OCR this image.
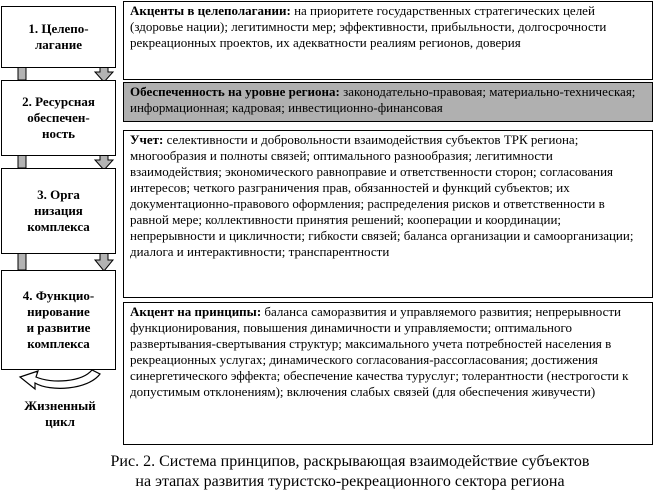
1. Целепо-
лагание
2. Ресурсная
обеспечен-
ность
3. Орга
низация
комплекса
4. Функцио-
нирование
и развитие
комплекса
Акценты в целеполагании: на приоритете государственных стратегических целей (здоровье нации); легитимности мер; эффективности, прибыльности, долгосрочности рекреационных проектов, их адекватности реалиям регионов, доверия
Обеспеченность на уровне региона: законодательно-правовая; материально-техническая; информационная; кадровая; инвестиционно-финансовая
Учет: селективности и добровольности взаимодействия субъектов ТРК региона; многообразия и полноты связей; оптимального разнообразия; легитимности взаимодействия; экономического равноправие и ответственности сторон; согласования интересов; четкого разграничения прав, обязанностей и функций субъектов; их документационно-правового оформления; распределения рисков и ответственности в равной мере; коллективности принятия решений; кооперации и координации; непрерывности и цикличности; гибкости связей; баланса организации и самоорганизации; диалога и интерактивности; транспарентности
Акцент на принципы: баланса саморазвития и управляемого развития; непрерывности функционирования, повышения динамичности и управляемости; оптимального развертывания-свертывания структур; максимального учета потребностей населения в рекреационных услугах; динамического согласования-рассогласования; достижения синергетического эффекта; обеспечение качества туруслуг; толерантности (нестрогости к допустимым отклонениям); включения слабых связей (для обеспечения живучести)
Жизненный
цикл
Рис. 2. Система принципов, раскрывающая взаимодействие субъектов
на этапах развития туристско-рекреационного сектора региона
